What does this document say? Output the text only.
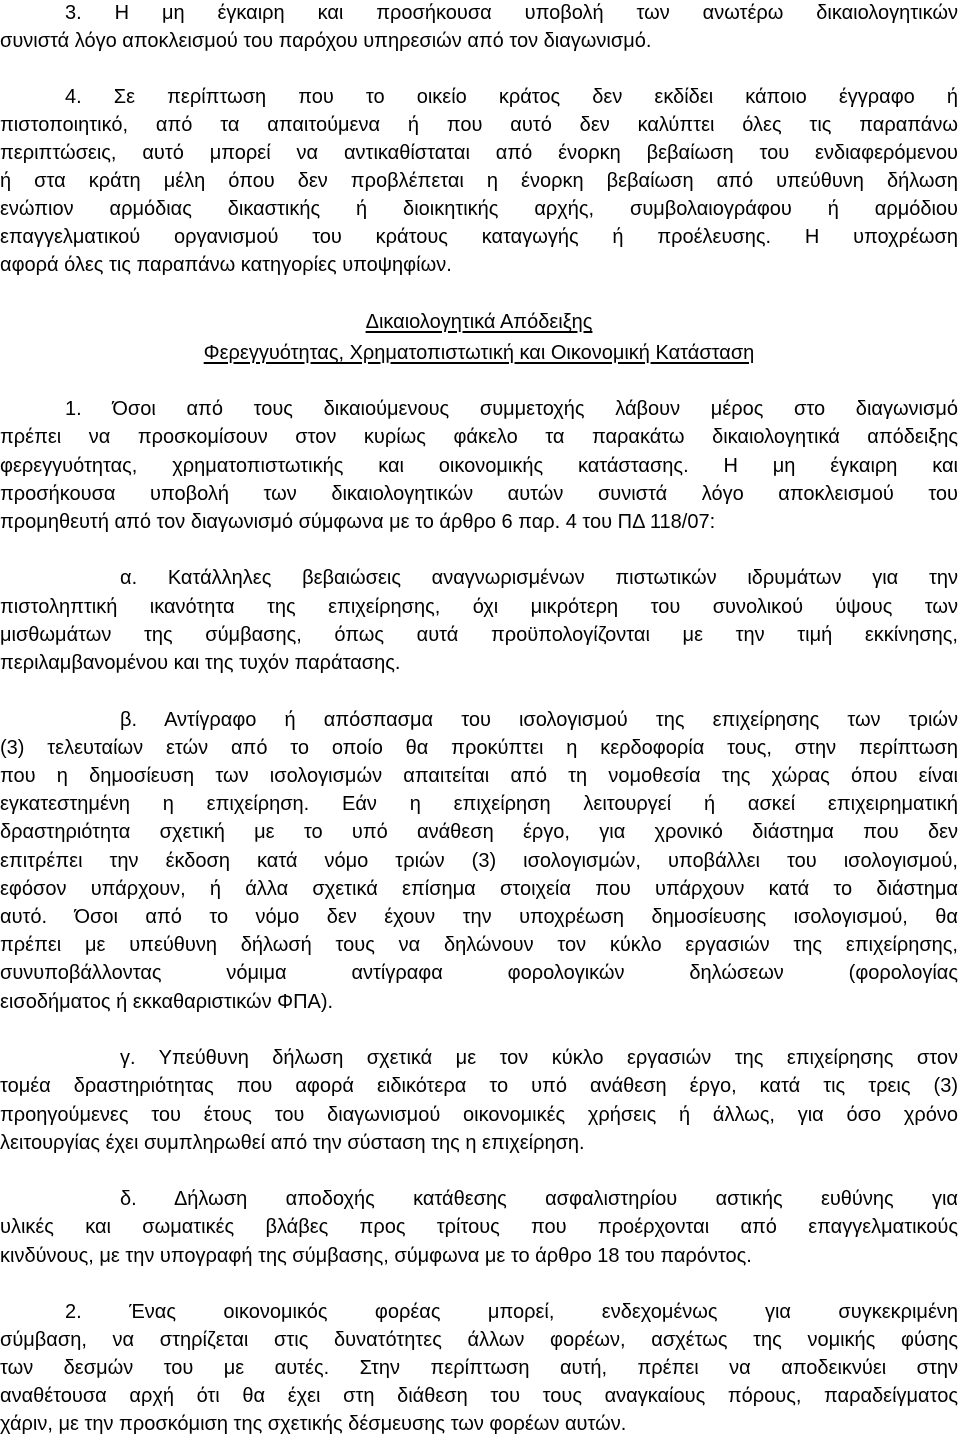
3. Η μη έγκαιρη και προσήκουσα υποβολή των ανωτέρω δικαιολογητικών
συνιστά λόγο αποκλεισμού του παρόχου υπηρεσιών από τον διαγωνισμό.
4. Σε περίπτωση που το οικείο κράτος δεν εκδίδει κάποιο έγγραφο ή
πιστοποιητικό, από τα απαιτούμενα ή που αυτό δεν καλύπτει όλες τις παραπάνω
περιπτώσεις, αυτό μπορεί να αντικαθίσταται από ένορκη βεβαίωση του ενδιαφερόμενου
ή στα κράτη μέλη όπου δεν προβλέπεται η ένορκη βεβαίωση από υπεύθυνη δήλωση
ενώπιον αρμόδιας δικαστικής ή διοικητικής αρχής, συμβολαιογράφου ή αρμόδιου
επαγγελματικού οργανισμού του κράτους καταγωγής ή προέλευσης. Η υποχρέωση
αφορά όλες τις παραπάνω κατηγορίες υποψηφίων.
Δικαιολογητικά Απόδειξης
Φερεγγυότητας, Χρηματοπιστωτική και Οικονομική Κατάσταση
1. Όσοι από τους δικαιούμενους συμμετοχής λάβουν μέρος στο διαγωνισμό
πρέπει να προσκομίσουν στον κυρίως φάκελο τα παρακάτω δικαιολογητικά απόδειξης
φερεγγυότητας, χρηματοπιστωτικής και οικονομικής κατάστασης. Η μη έγκαιρη και
προσήκουσα υποβολή των δικαιολογητικών αυτών συνιστά λόγο αποκλεισμού του
προμηθευτή από τον διαγωνισμό σύμφωνα με το άρθρο 6 παρ. 4 του ΠΔ 118/07:
α. Κατάλληλες βεβαιώσεις αναγνωρισμένων πιστωτικών ιδρυμάτων για την
πιστοληπτική ικανότητα της επιχείρησης, όχι μικρότερη του συνολικού ύψους των
μισθωμάτων της σύμβασης, όπως αυτά προϋπολογίζονται με την τιμή εκκίνησης,
περιλαμβανομένου και της τυχόν παράτασης.
β. Αντίγραφο ή απόσπασμα του ισολογισμού της επιχείρησης των τριών
(3) τελευταίων ετών από το οποίο θα προκύπτει η κερδοφορία τους, στην περίπτωση
που η δημοσίευση των ισολογισμών απαιτείται από τη νομοθεσία της χώρας όπου είναι
εγκατεστημένη η επιχείρηση. Εάν η επιχείρηση λειτουργεί ή ασκεί επιχειρηματική
δραστηριότητα σχετική με το υπό ανάθεση έργο, για χρονικό διάστημα που δεν
επιτρέπει την έκδοση κατά νόμο τριών (3) ισολογισμών, υποβάλλει του ισολογισμού,
εφόσον υπάρχουν, ή άλλα σχετικά επίσημα στοιχεία που υπάρχουν κατά το διάστημα
αυτό. Όσοι από το νόμο δεν έχουν την υποχρέωση δημοσίευσης ισολογισμού, θα
πρέπει με υπεύθυνη δήλωσή τους να δηλώνουν τον κύκλο εργασιών της επιχείρησης,
συνυποβάλλοντας νόμιμα αντίγραφα φορολογικών δηλώσεων (φορολογίας
εισοδήματος ή εκκαθαριστικών ΦΠΑ).
γ. Υπεύθυνη δήλωση σχετικά με τον κύκλο εργασιών της επιχείρησης στον
τομέα δραστηριότητας που αφορά ειδικότερα το υπό ανάθεση έργο, κατά τις τρεις (3)
προηγούμενες του έτους του διαγωνισμού οικονομικές χρήσεις ή άλλως, για όσο χρόνο
λειτουργίας έχει συμπληρωθεί από την σύσταση της η επιχείρηση.
δ. Δήλωση αποδοχής κατάθεσης ασφαλιστηρίου αστικής ευθύνης για
υλικές και σωματικές βλάβες προς τρίτους που προέρχονται από επαγγελματικούς
κινδύνους, με την υπογραφή της σύμβασης, σύμφωνα με το άρθρο 18 του παρόντος.
2. Ένας οικονομικός φορέας μπορεί, ενδεχομένως για συγκεκριμένη
σύμβαση, να στηρίζεται στις δυνατότητες άλλων φορέων, ασχέτως της νομικής φύσης
των δεσμών του με αυτές. Στην περίπτωση αυτή, πρέπει να αποδεικνύει στην
αναθέτουσα αρχή ότι θα έχει στη διάθεση του τους αναγκαίους πόρους, παραδείγματος
χάριν, με την προσκόμιση της σχετικής δέσμευσης των φορέων αυτών.
